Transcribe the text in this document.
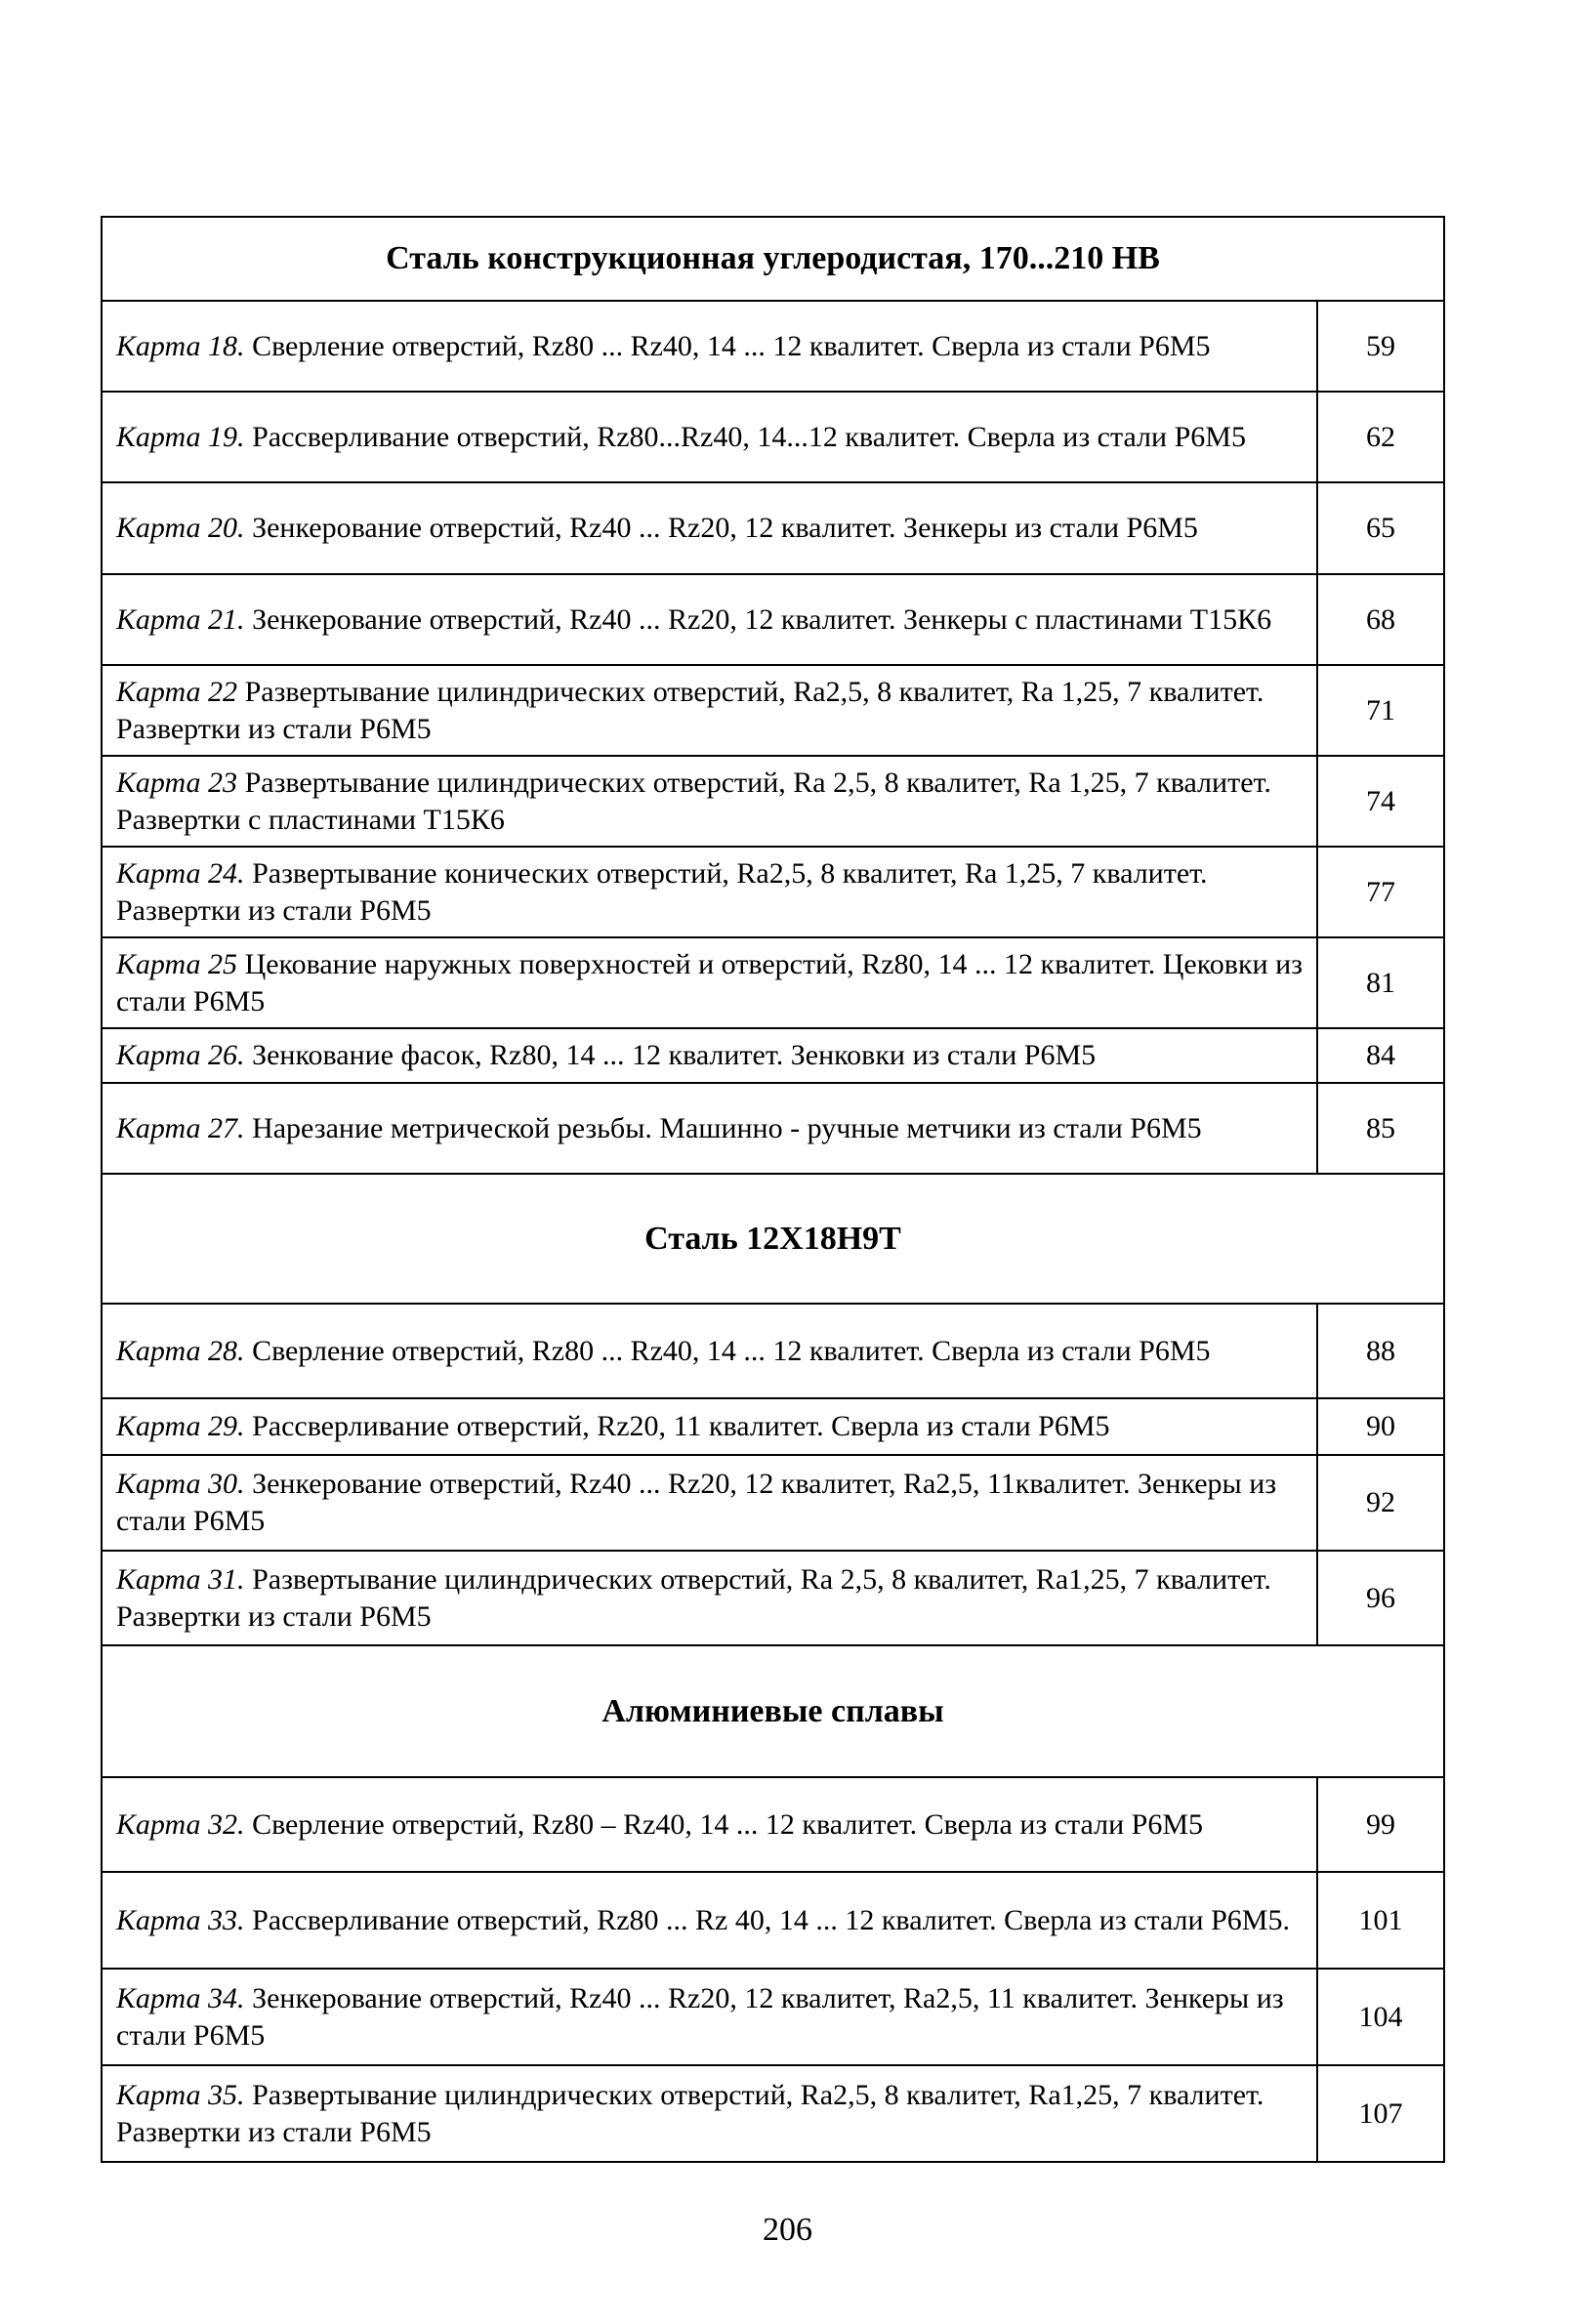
Сталь конструкционная углеродистая, 170...210 НВ	
Карта 18. Сверление отверстий, Rz80 ... Rz40, 14 ... 12 квалитет. Сверла из стали Р6М5	59
Карта 19. Рассверливание отверстий, Rz80...Rz40, 14...12 квалитет. Сверла из стали Р6М5	62
Карта 20. Зенкерование отверстий, Rz40 ... Rz20, 12 квалитет. Зенкеры из стали Р6М5	65
Карта 21. Зенкерование отверстий, Rz40 ... Rz20, 12 квалитет. Зенкеры с пластинами Т15К6	68
Карта 22 Развертывание цилиндрических отверстий, Ra2,5, 8 квалитет, Ra 1,25, 7 квалитет. Развертки из стали Р6М5	71
Карта 23 Развертывание цилиндрических отверстий, Ra 2,5, 8 квалитет, Ra 1,25, 7 квалитет. Развертки с пластинами Т15К6	74
Карта 24. Развертывание конических отверстий, Ra2,5, 8 квалитет, Ra 1,25, 7 квалитет. Развертки из стали Р6М5	77
Карта 25 Цекование наружных поверхностей и отверстий, Rz80, 14 ... 12 квалитет. Цековки из стали Р6М5	81
Карта 26. Зенкование фасок, Rz80, 14 ... 12 квалитет. Зенковки из стали Р6М5	84
Карта 27. Нарезание метрической резьбы. Машинно - ручные метчики из стали Р6М5	85
Сталь 12Х18Н9Т	
Карта 28. Сверление отверстий, Rz80 ... Rz40, 14 ... 12 квалитет. Сверла из стали Р6М5	88
Карта 29. Рассверливание отверстий, Rz20, 11 квалитет. Сверла из стали Р6М5	90
Карта 30. Зенкерование отверстий, Rz40 ... Rz20, 12 квалитет, Ra2,5, 11квалитет. Зенкеры из стали Р6М5	92
Карта 31. Развертывание цилиндрических отверстий, Ra 2,5, 8 квалитет, Ra1,25, 7 квалитет. Развертки из стали Р6М5	96
Алюминиевые сплавы	
Карта 32. Сверление отверстий, Rz80 – Rz40, 14 ... 12 квалитет. Сверла из стали Р6М5	99
Карта 33. Рассверливание отверстий, Rz80 ... Rz 40, 14 ... 12 квалитет. Сверла из стали Р6М5.	101
Карта 34. Зенкерование отверстий, Rz40 ... Rz20, 12 квалитет, Ra2,5, 11 квалитет. Зенкеры из стали Р6М5	104
Карта 35. Развертывание цилиндрических отверстий, Ra2,5, 8 квалитет, Ra1,25, 7 квалитет. Развертки из стали Р6М5	107
206
